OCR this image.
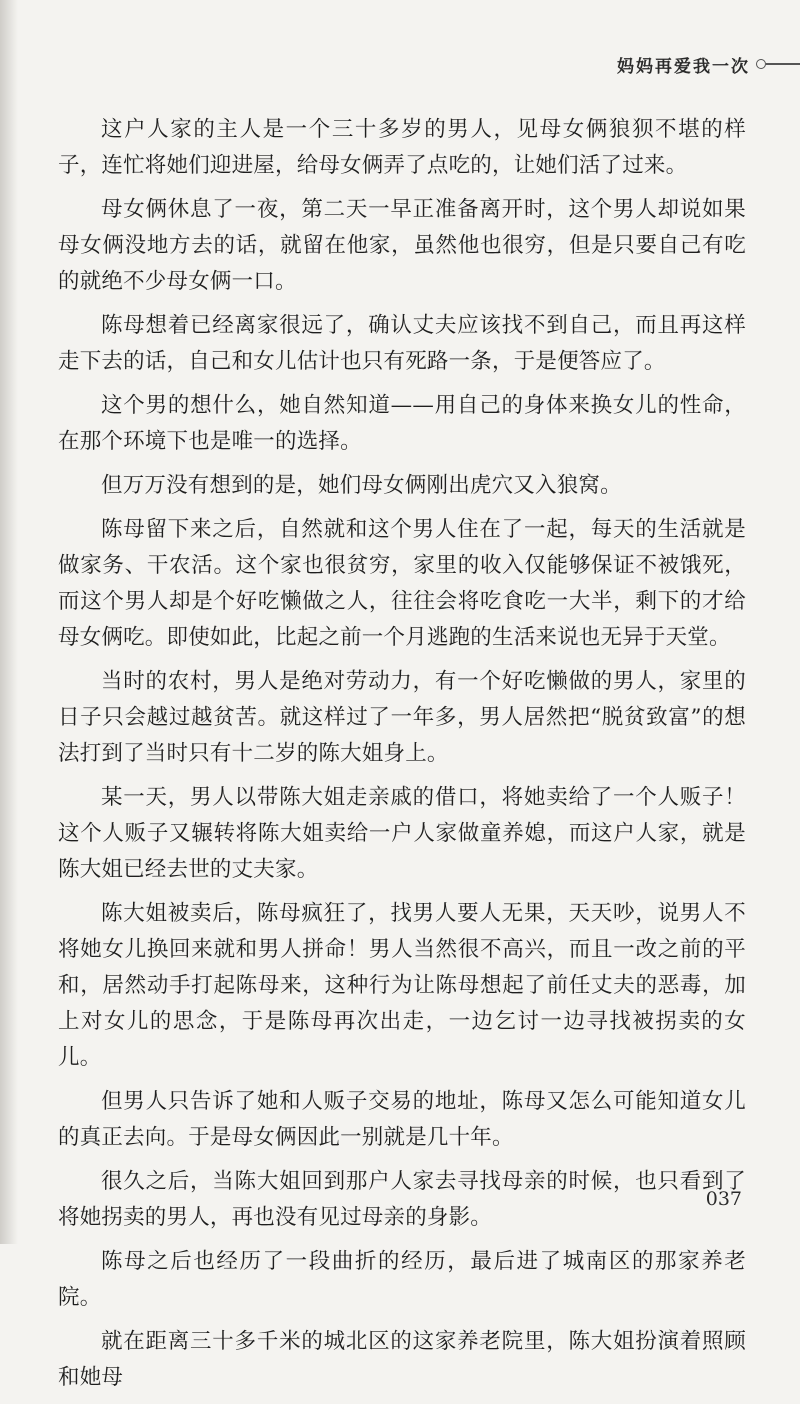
妈妈再爱我一次

这户人家的主人是一个三十多岁的男人，见母女俩狼狈不堪的样子，连忙将她们迎进屋，给母女俩弄了点吃的，让她们活了过来。

母女俩休息了一夜，第二天一早正准备离开时，这个男人却说如果母女俩没地方去的话，就留在他家，虽然他也很穷，但是只要自己有吃的就绝不少母女俩一口。

陈母想着已经离家很远了，确认丈夫应该找不到自己，而且再这样走下去的话，自己和女儿估计也只有死路一条，于是便答应了。

这个男的想什么，她自然知道——用自己的身体来换女儿的性命，在那个环境下也是唯一的选择。

但万万没有想到的是，她们母女俩刚出虎穴又入狼窝。

陈母留下来之后，自然就和这个男人住在了一起，每天的生活就是做家务、干农活。这个家也很贫穷，家里的收入仅能够保证不被饿死，而这个男人却是个好吃懒做之人，往往会将吃食吃一大半，剩下的才给母女俩吃。即使如此，比起之前一个月逃跑的生活来说也无异于天堂。

当时的农村，男人是绝对劳动力，有一个好吃懒做的男人，家里的日子只会越过越贫苦。就这样过了一年多，男人居然把“脱贫致富”的想法打到了当时只有十二岁的陈大姐身上。

某一天，男人以带陈大姐走亲戚的借口，将她卖给了一个人贩子！这个人贩子又辗转将陈大姐卖给一户人家做童养媳，而这户人家，就是陈大姐已经去世的丈夫家。

陈大姐被卖后，陈母疯狂了，找男人要人无果，天天吵，说男人不将她女儿换回来就和男人拼命！男人当然很不高兴，而且一改之前的平和，居然动手打起陈母来，这种行为让陈母想起了前任丈夫的恶毒，加上对女儿的思念，于是陈母再次出走，一边乞讨一边寻找被拐卖的女儿。

但男人只告诉了她和人贩子交易的地址，陈母又怎么可能知道女儿的真正去向。于是母女俩因此一别就是几十年。

很久之后，当陈大姐回到那户人家去寻找母亲的时候，也只看到了将她拐卖的男人，再也没有见过母亲的身影。

陈母之后也经历了一段曲折的经历，最后进了城南区的那家养老院。

就在距离三十多千米的城北区的这家养老院里，陈大姐扮演着照顾和她母

037
